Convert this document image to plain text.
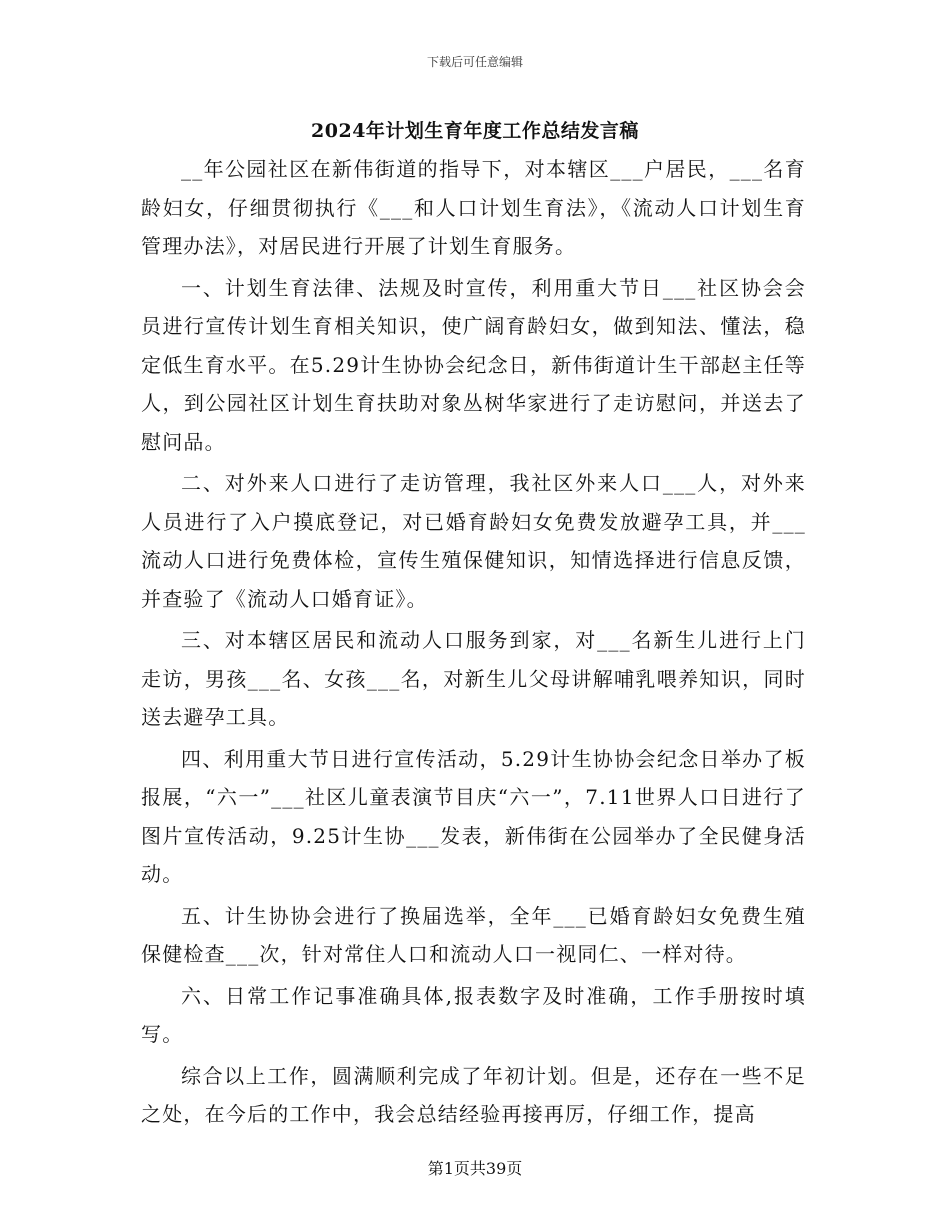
下载后可任意编辑
2024年计划生育年度工作总结发言稿

__年公园社区在新伟街道的指导下，对本辖区___户居民，___名育龄妇女，仔细贯彻执行《___和人口计划生育法》，《流动人口计划生育管理办法》，对居民进行开展了计划生育服务。

一、计划生育法律、法规及时宣传，利用重大节日___社区协会会员进行宣传计划生育相关知识，使广阔育龄妇女，做到知法、懂法，稳定低生育水平。在5.29计生协协会纪念日，新伟街道计生干部赵主任等人，到公园社区计划生育扶助对象丛树华家进行了走访慰问，并送去了慰问品。

二、对外来人口进行了走访管理，我社区外来人口___人，对外来人员进行了入户摸底登记，对已婚育龄妇女免费发放避孕工具，并___流动人口进行免费体检，宣传生殖保健知识，知情选择进行信息反馈，并查验了《流动人口婚育证》。

三、对本辖区居民和流动人口服务到家，对___名新生儿进行上门走访，男孩___名、女孩___名，对新生儿父母讲解哺乳喂养知识，同时送去避孕工具。

四、利用重大节日进行宣传活动，5.29计生协协会纪念日举办了板报展，“六一”___社区儿童表演节目庆“六一”，7.11世界人口日进行了图片宣传活动，9.25计生协___发表，新伟街在公园举办了全民健身活动。

五、计生协协会进行了换届选举，全年___已婚育龄妇女免费生殖保健检查___次，针对常住人口和流动人口一视同仁、一样对待。

六、日常工作记事准确具体,报表数字及时准确，工作手册按时填写。

综合以上工作，圆满顺利完成了年初计划。但是，还存在一些不足之处，在今后的工作中，我会总结经验再接再厉，仔细工作，提高

第1页共39页
